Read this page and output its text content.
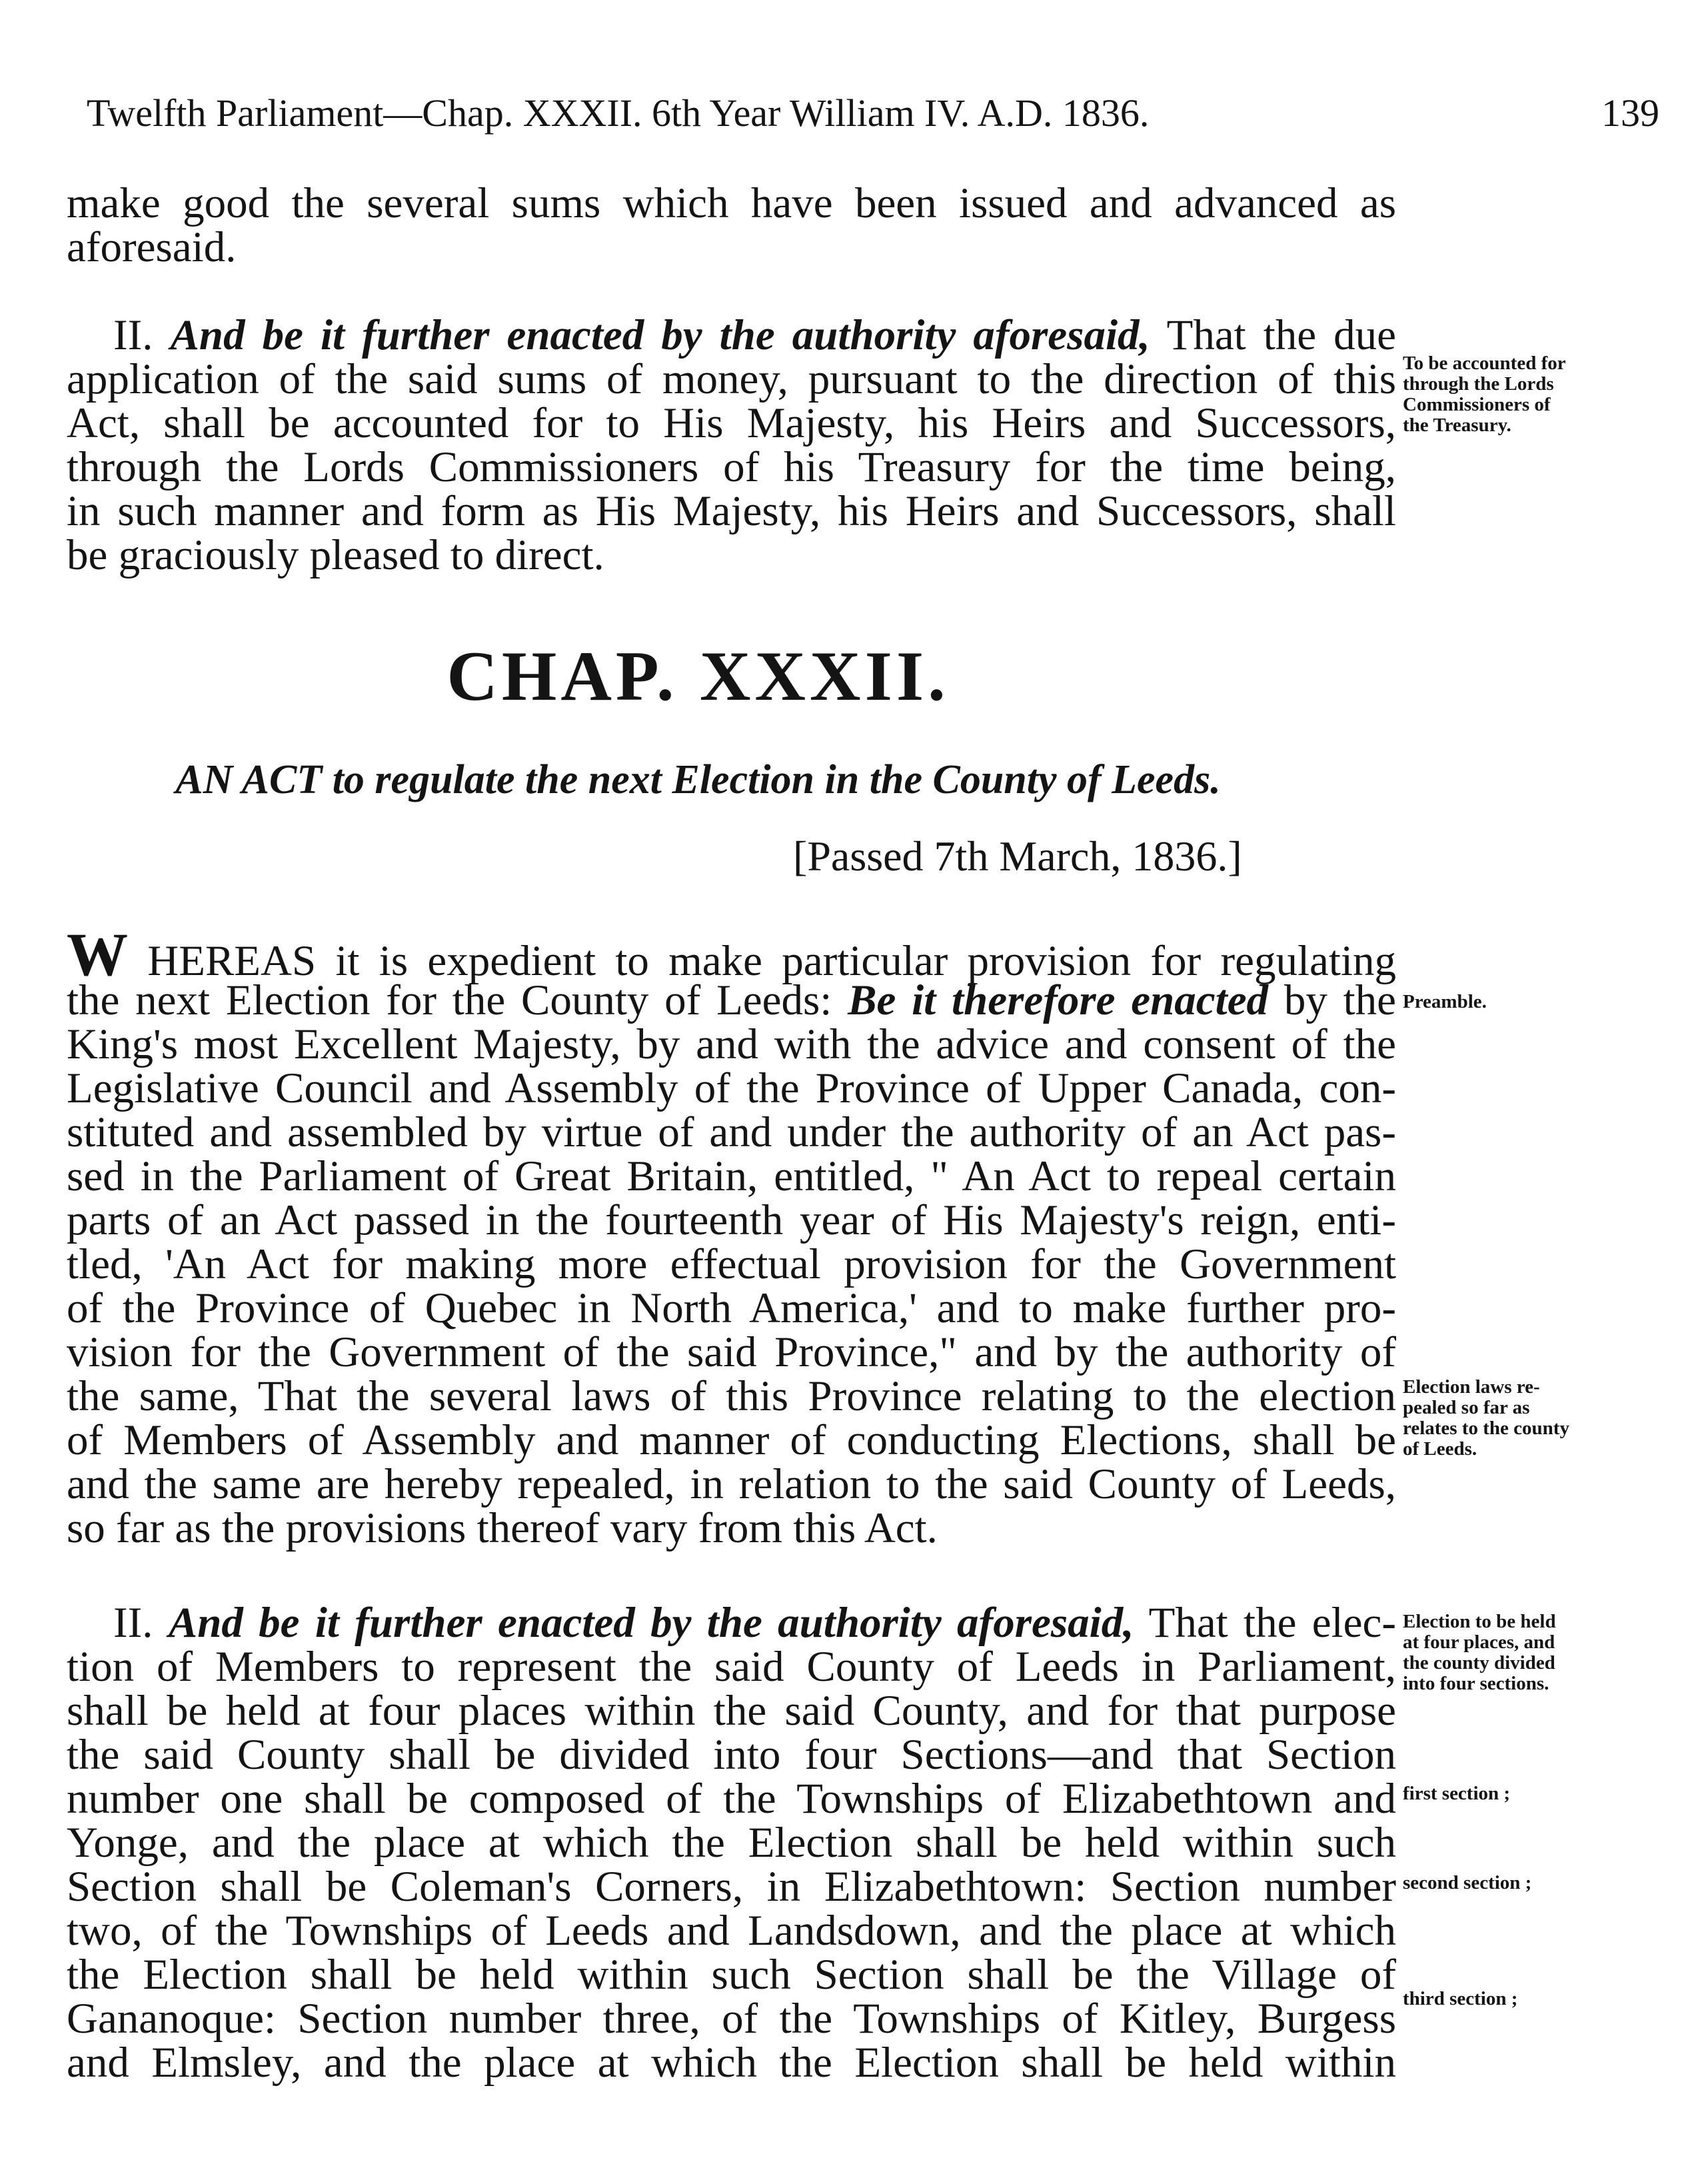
Twelfth Parliament—Chap. XXXII. 6th Year William IV. A.D. 1836.	139
make good the several sums which have been issued and advanced as
aforesaid.
II. And be it further enacted by the authority aforesaid, That the due
application of the said sums of money, pursuant to the direction of this
Act, shall be accounted for to His Majesty, his Heirs and Successors,
through the Lords Commissioners of his Treasury for the time being,
in such manner and form as His Majesty, his Heirs and Successors, shall
be graciously pleased to direct.
CHAP. XXXII.
AN ACT to regulate the next Election in the County of Leeds.
[Passed 7th March, 1836.]
W HEREAS it is expedient to make particular provision for regulating
the next Election for the County of Leeds: Be it therefore enacted by the
King's most Excellent Majesty, by and with the advice and consent of the
Legislative Council and Assembly of the Province of Upper Canada, con-
stituted and assembled by virtue of and under the authority of an Act pas-
sed in the Parliament of Great Britain, entitled, " An Act to repeal certain
parts of an Act passed in the fourteenth year of His Majesty's reign, enti-
tled, 'An Act for making more effectual provision for the Government
of the Province of Quebec in North America,' and to make further pro-
vision for the Government of the said Province," and by the authority of
the same, That the several laws of this Province relating to the election
of Members of Assembly and manner of conducting Elections, shall be
and the same are hereby repealed, in relation to the said County of Leeds,
so far as the provisions thereof vary from this Act.
II. And be it further enacted by the authority aforesaid, That the elec-
tion of Members to represent the said County of Leeds in Parliament,
shall be held at four places within the said County, and for that purpose
the said County shall be divided into four Sections—and that Section
number one shall be composed of the Townships of Elizabethtown and
Yonge, and the place at which the Election shall be held within such
Section shall be Coleman's Corners, in Elizabethtown: Section number
two, of the Townships of Leeds and Landsdown, and the place at which
the Election shall be held within such Section shall be the Village of
Gananoque: Section number three, of the Townships of Kitley, Burgess
and Elmsley, and the place at which the Election shall be held within
To be accounted for
through the Lords
Commissioners of
the Treasury.
Preamble.
Election laws re-
pealed so far as
relates to the county
of Leeds.
Election to be held
at four places, and
the county divided
into four sections.
first section ;
second section ;
third section ;
